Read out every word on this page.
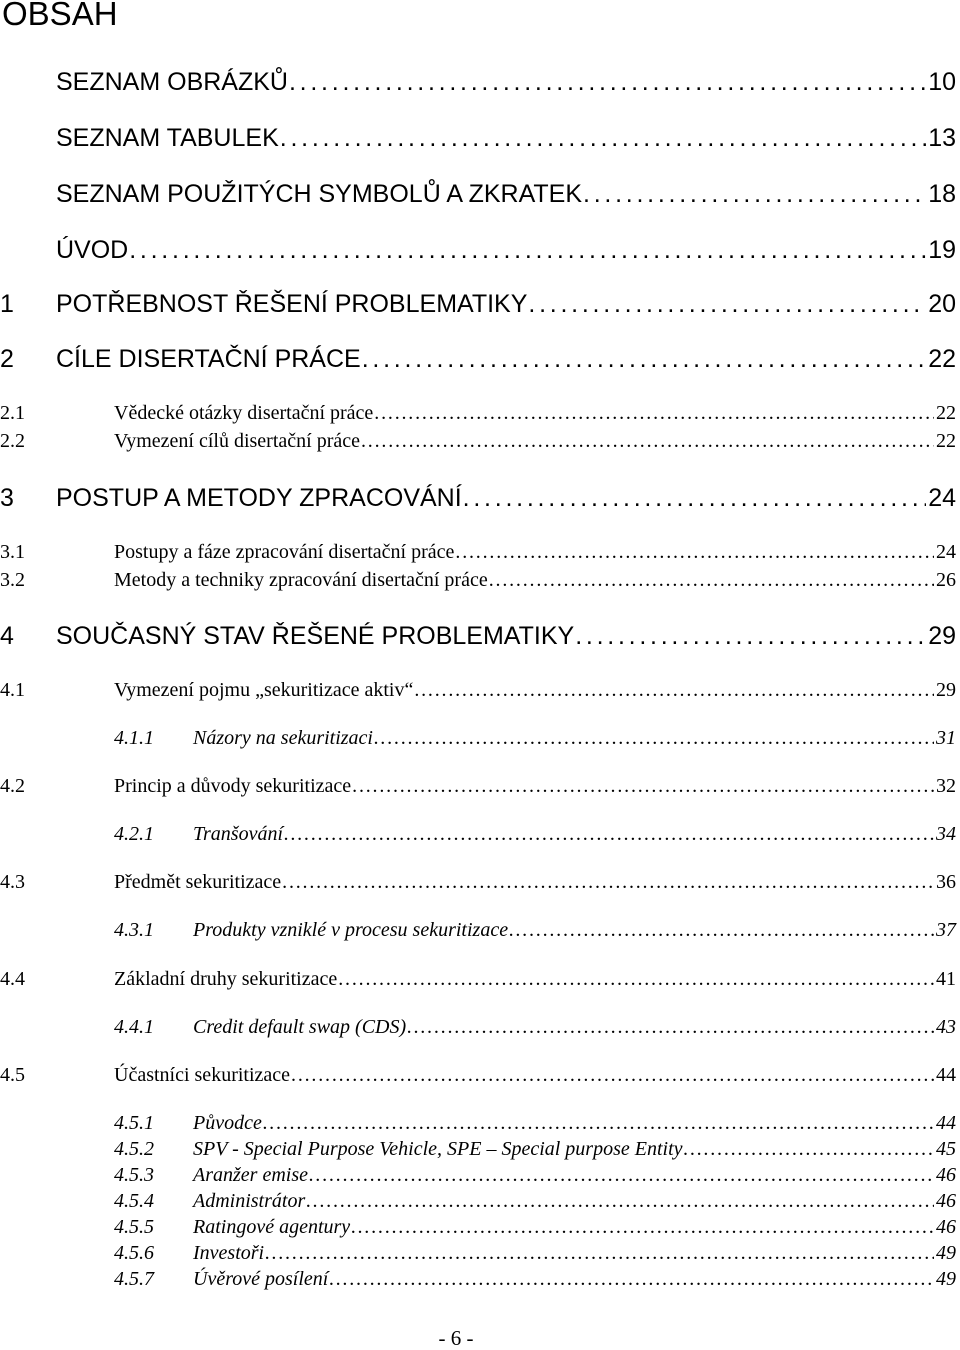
OBSAH
SEZNAM OBRÁZKŮ . . .	10
SEZNAM TABULEK . . .	13
SEZNAM POUŽITÝCH SYMBOLŮ A ZKRATEK . . .	18
ÚVOD . . .	19
1	POTŘEBNOST ŘEŠENÍ PROBLEMATIKY . . .	20
2	CÍLE DISERTAČNÍ PRÁCE . . .	22
2.1	Vědecké otázky disertační práce . . .	22
2.2	Vymezení cílů disertační práce . . .	22
3	POSTUP A METODY ZPRACOVÁNÍ . . .	24
3.1	Postupy a fáze zpracování disertační práce . . .	24
3.2	Metody a techniky zpracování disertační práce . . .	26
4	SOUČASNÝ STAV ŘEŠENÉ PROBLEMATIKY . . .	29
4.1	Vymezení pojmu „sekuritizace aktiv“ . . .	29
4.1.1	Názory na sekuritizaci . . .	31
4.2	Princip a důvody sekuritizace . . .	32
4.2.1	Tranšování . . .	34
4.3	Předmět sekuritizace . . .	36
4.3.1	Produkty vzniklé v procesu sekuritizace . . .	37
4.4	Základní druhy sekuritizace . . .	41
4.4.1	Credit default swap (CDS) . . .	43
4.5	Účastníci sekuritizace . . .	44
4.5.1	Původce . . .	44
4.5.2	SPV - Special Purpose Vehicle, SPE – Special purpose Entity . . .	45
4.5.3	Aranžer emise . . .	46
4.5.4	Administrátor . . .	46
4.5.5	Ratingové agentury . . .	46
4.5.6	Investoři . . .	49
4.5.7	Úvěrové posílení . . .	49
- 6 -
